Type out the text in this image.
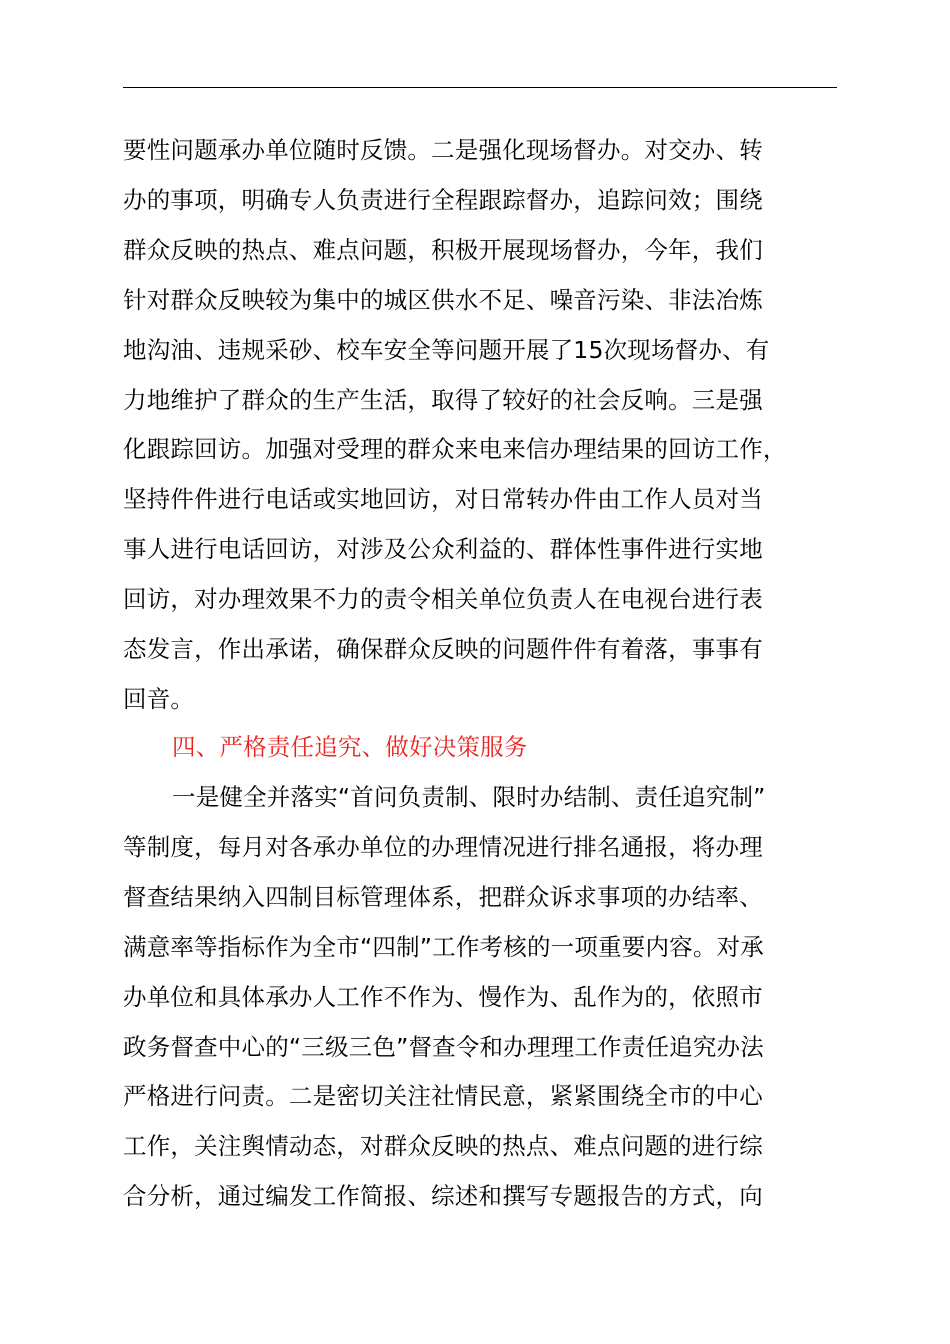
要性问题承办单位随时反馈。二是强化现场督办。对交办、转
办的事项，明确专人负责进行全程跟踪督办，追踪问效；围绕
群众反映的热点、难点问题，积极开展现场督办，今年，我们
针对群众反映较为集中的城区供水不足、噪音污染、非法冶炼
地沟油、违规采砂、校车安全等问题开展了15次现场督办、有
力地维护了群众的生产生活，取得了较好的社会反响。三是强
化跟踪回访。加强对受理的群众来电来信办理结果的回访工作，
坚持件件进行电话或实地回访，对日常转办件由工作人员对当
事人进行电话回访，对涉及公众利益的、群体性事件进行实地
回访，对办理效果不力的责令相关单位负责人在电视台进行表
态发言，作出承诺，确保群众反映的问题件件有着落，事事有
回音。
四、严格责任追究、做好决策服务
一是健全并落实“首问负责制、限时办结制、责任追究制”
等制度，每月对各承办单位的办理情况进行排名通报，将办理
督查结果纳入四制目标管理体系，把群众诉求事项的办结率、
满意率等指标作为全市“四制”工作考核的一项重要内容。对承
办单位和具体承办人工作不作为、慢作为、乱作为的，依照市
政务督查中心的“三级三色”督查令和办理理工作责任追究办法
严格进行问责。二是密切关注社情民意，紧紧围绕全市的中心
工作，关注舆情动态，对群众反映的热点、难点问题的进行综
合分析，通过编发工作简报、综述和撰写专题报告的方式，向
